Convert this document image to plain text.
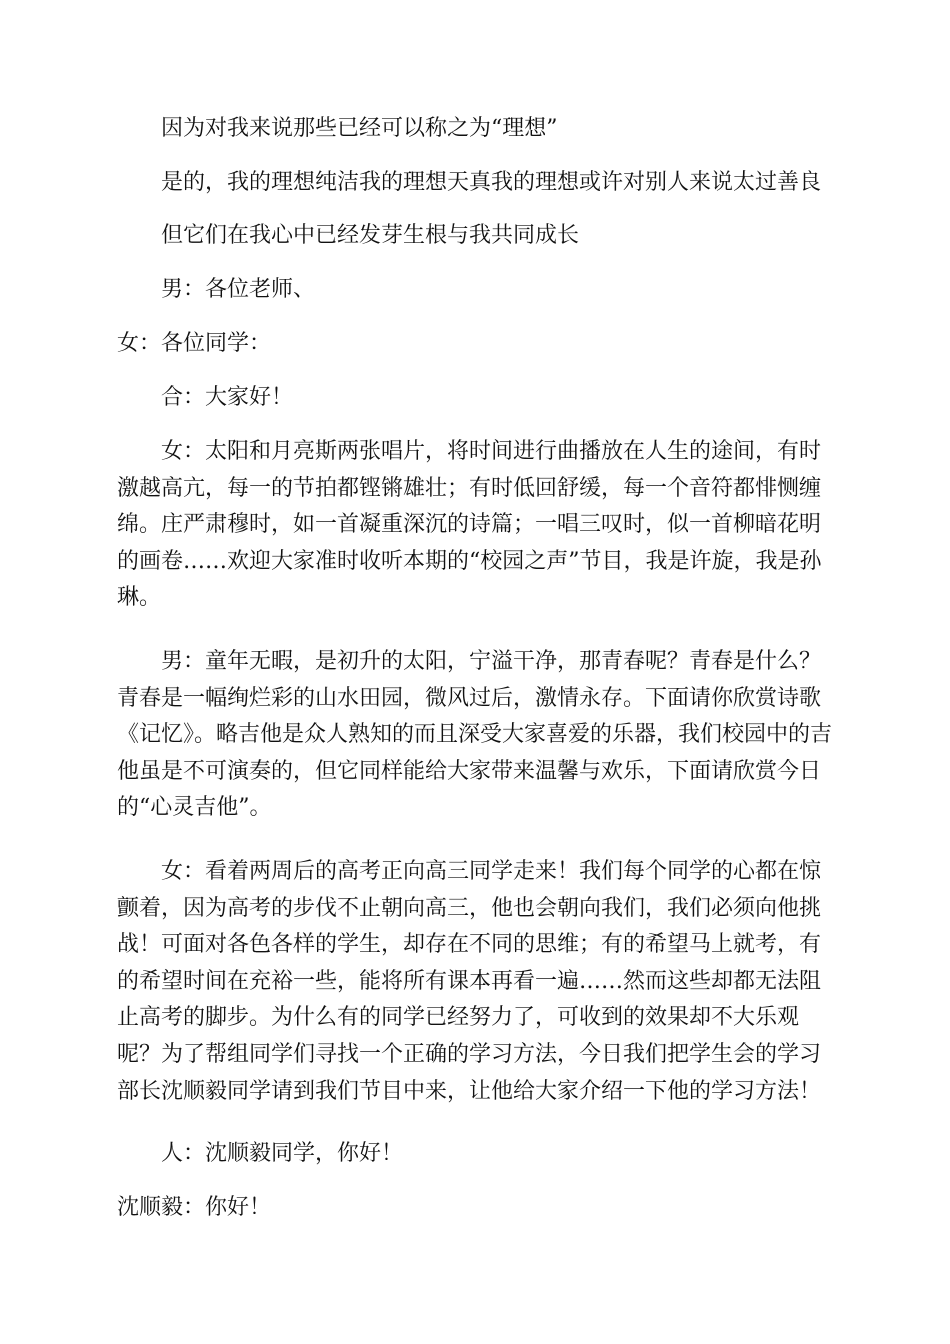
因为对我来说那些已经可以称之为“理想”

是的，我的理想纯洁我的理想天真我的理想或许对别人来说太过善良

但它们在我心中已经发芽生根与我共同成长

男：各位老师、

女：各位同学：

合：大家好！

女：太阳和月亮斯两张唱片，将时间进行曲播放在人生的途间，有时激越高亢，每一的节拍都铿锵雄壮；有时低回舒缓，每一个音符都悱恻缠绵。庄严肃穆时，如一首凝重深沉的诗篇；一唱三叹时，似一首柳暗花明的画卷……欢迎大家准时收听本期的“校园之声”节目，我是许旋，我是孙琳。

男：童年无暇，是初升的太阳，宁溢干净，那青春呢？青春是什么？青春是一幅绚烂彩的山水田园，微风过后，激情永存。下面请你欣赏诗歌《记忆》。略吉他是众人熟知的而且深受大家喜爱的乐器，我们校园中的吉他虽是不可演奏的，但它同样能给大家带来温馨与欢乐，下面请欣赏今日的“心灵吉他”。

女：看着两周后的高考正向高三同学走来！我们每个同学的心都在惊颤着，因为高考的步伐不止朝向高三，他也会朝向我们，我们必须向他挑战！可面对各色各样的学生，却存在不同的思维；有的希望马上就考，有的希望时间在充裕一些，能将所有课本再看一遍……然而这些却都无法阻止高考的脚步。为什么有的同学已经努力了，可收到的效果却不大乐观呢？为了帮组同学们寻找一个正确的学习方法，今日我们把学生会的学习部长沈顺毅同学请到我们节目中来，让他给大家介绍一下他的学习方法！

人：沈顺毅同学，你好！

沈顺毅：你好！
